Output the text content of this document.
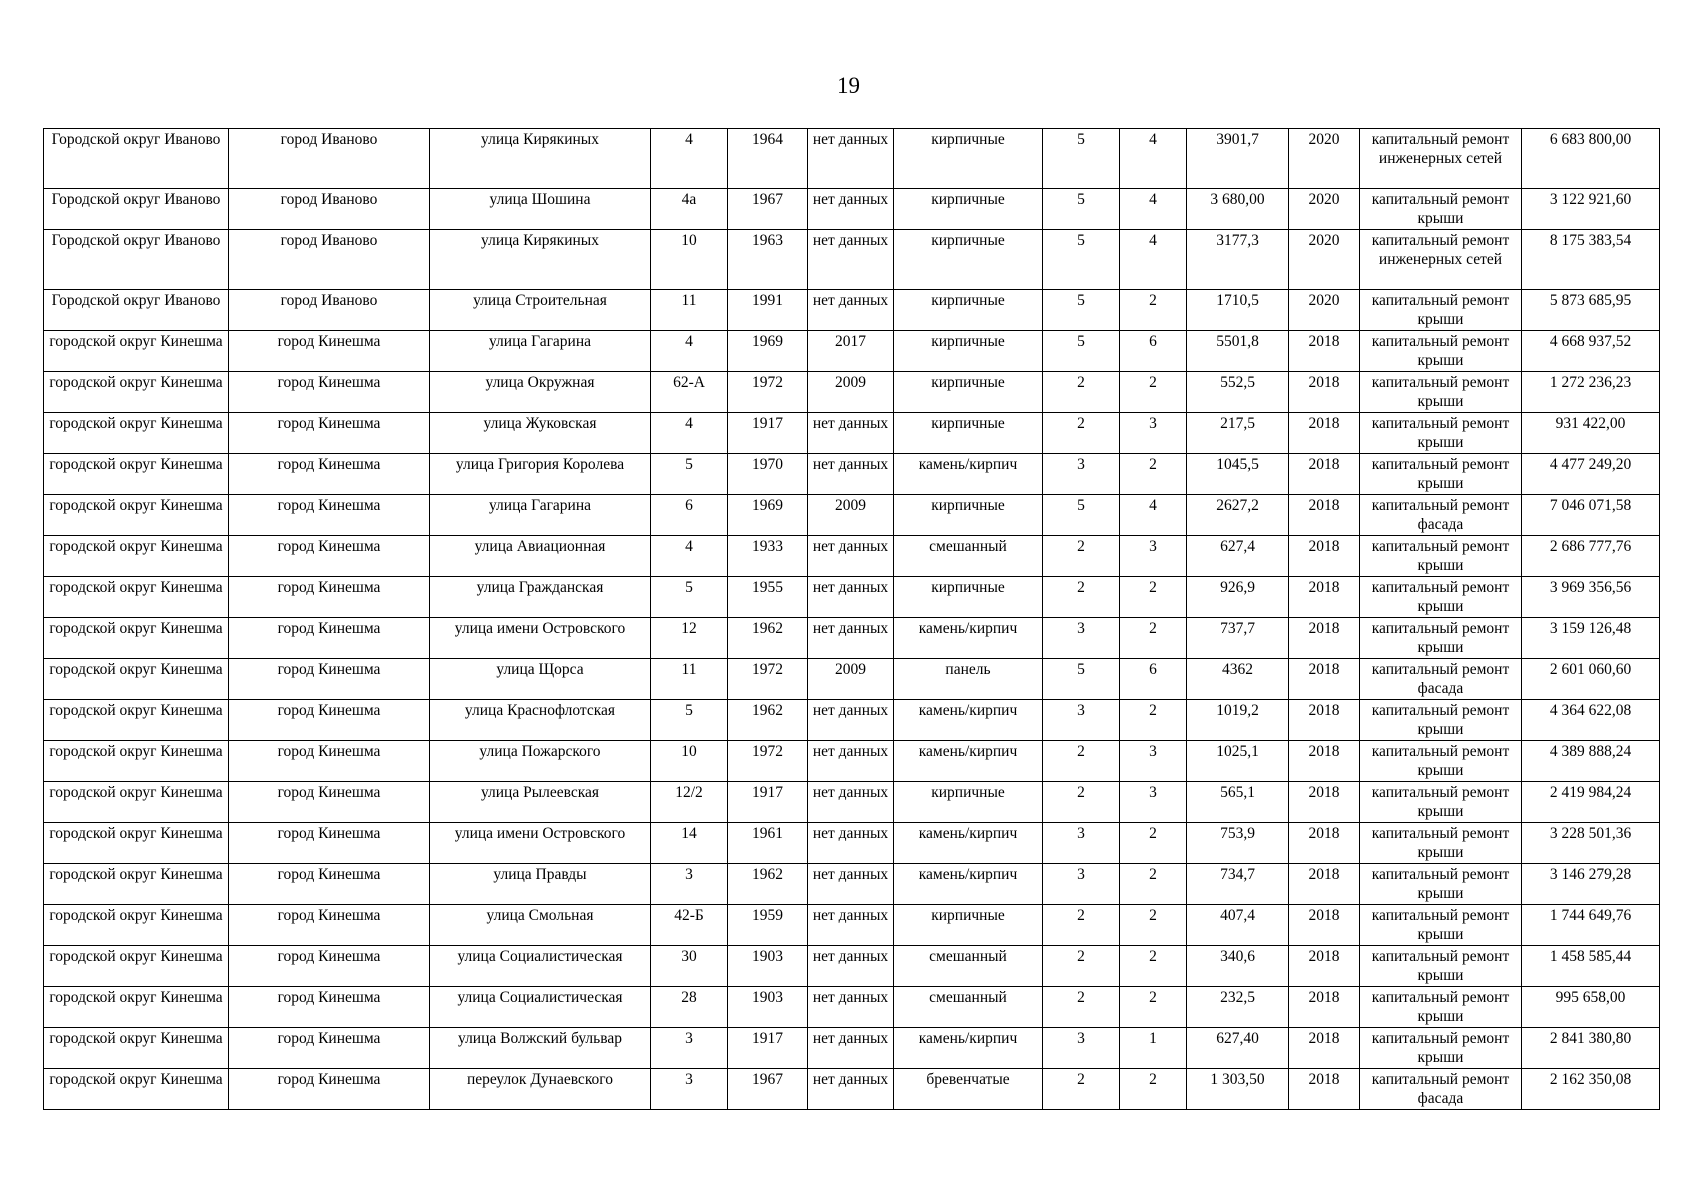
19
Городской округ Иваново	город Иваново	улица Кирякиных	4	1964	нет данных	кирпичные	5	4	3901,7	2020	капитальный ремонт инженерных сетей	6 683 800,00
Городской округ Иваново	город Иваново	улица Шошина	4а	1967	нет данных	кирпичные	5	4	3 680,00	2020	капитальный ремонт крыши	3 122 921,60
Городской округ Иваново	город Иваново	улица Кирякиных	10	1963	нет данных	кирпичные	5	4	3177,3	2020	капитальный ремонт инженерных сетей	8 175 383,54
Городской округ Иваново	город Иваново	улица Строительная	11	1991	нет данных	кирпичные	5	2	1710,5	2020	капитальный ремонт крыши	5 873 685,95
городской округ Кинешма	город Кинешма	улица Гагарина	4	1969	2017	кирпичные	5	6	5501,8	2018	капитальный ремонт крыши	4 668 937,52
городской округ Кинешма	город Кинешма	улица Окружная	62-А	1972	2009	кирпичные	2	2	552,5	2018	капитальный ремонт крыши	1 272 236,23
городской округ Кинешма	город Кинешма	улица Жуковская	4	1917	нет данных	кирпичные	2	3	217,5	2018	капитальный ремонт крыши	931 422,00
городской округ Кинешма	город Кинешма	улица Григория Королева	5	1970	нет данных	камень/кирпич	3	2	1045,5	2018	капитальный ремонт крыши	4 477 249,20
городской округ Кинешма	город Кинешма	улица Гагарина	6	1969	2009	кирпичные	5	4	2627,2	2018	капитальный ремонт фасада	7 046 071,58
городской округ Кинешма	город Кинешма	улица Авиационная	4	1933	нет данных	смешанный	2	3	627,4	2018	капитальный ремонт крыши	2 686 777,76
городской округ Кинешма	город Кинешма	улица Гражданская	5	1955	нет данных	кирпичные	2	2	926,9	2018	капитальный ремонт крыши	3 969 356,56
городской округ Кинешма	город Кинешма	улица имени Островского	12	1962	нет данных	камень/кирпич	3	2	737,7	2018	капитальный ремонт крыши	3 159 126,48
городской округ Кинешма	город Кинешма	улица Щорса	11	1972	2009	панель	5	6	4362	2018	капитальный ремонт фасада	2 601 060,60
городской округ Кинешма	город Кинешма	улица Краснофлотская	5	1962	нет данных	камень/кирпич	3	2	1019,2	2018	капитальный ремонт крыши	4 364 622,08
городской округ Кинешма	город Кинешма	улица Пожарского	10	1972	нет данных	камень/кирпич	2	3	1025,1	2018	капитальный ремонт крыши	4 389 888,24
городской округ Кинешма	город Кинешма	улица Рылеевская	12/2	1917	нет данных	кирпичные	2	3	565,1	2018	капитальный ремонт крыши	2 419 984,24
городской округ Кинешма	город Кинешма	улица имени Островского	14	1961	нет данных	камень/кирпич	3	2	753,9	2018	капитальный ремонт крыши	3 228 501,36
городской округ Кинешма	город Кинешма	улица Правды	3	1962	нет данных	камень/кирпич	3	2	734,7	2018	капитальный ремонт крыши	3 146 279,28
городской округ Кинешма	город Кинешма	улица Смольная	42-Б	1959	нет данных	кирпичные	2	2	407,4	2018	капитальный ремонт крыши	1 744 649,76
городской округ Кинешма	город Кинешма	улица Социалистическая	30	1903	нет данных	смешанный	2	2	340,6	2018	капитальный ремонт крыши	1 458 585,44
городской округ Кинешма	город Кинешма	улица Социалистическая	28	1903	нет данных	смешанный	2	2	232,5	2018	капитальный ремонт крыши	995 658,00
городской округ Кинешма	город Кинешма	улица Волжский бульвар	3	1917	нет данных	камень/кирпич	3	1	627,40	2018	капитальный ремонт крыши	2 841 380,80
городской округ Кинешма	город Кинешма	переулок Дунаевского	3	1967	нет данных	бревенчатые	2	2	1 303,50	2018	капитальный ремонт фасада	2 162 350,08
